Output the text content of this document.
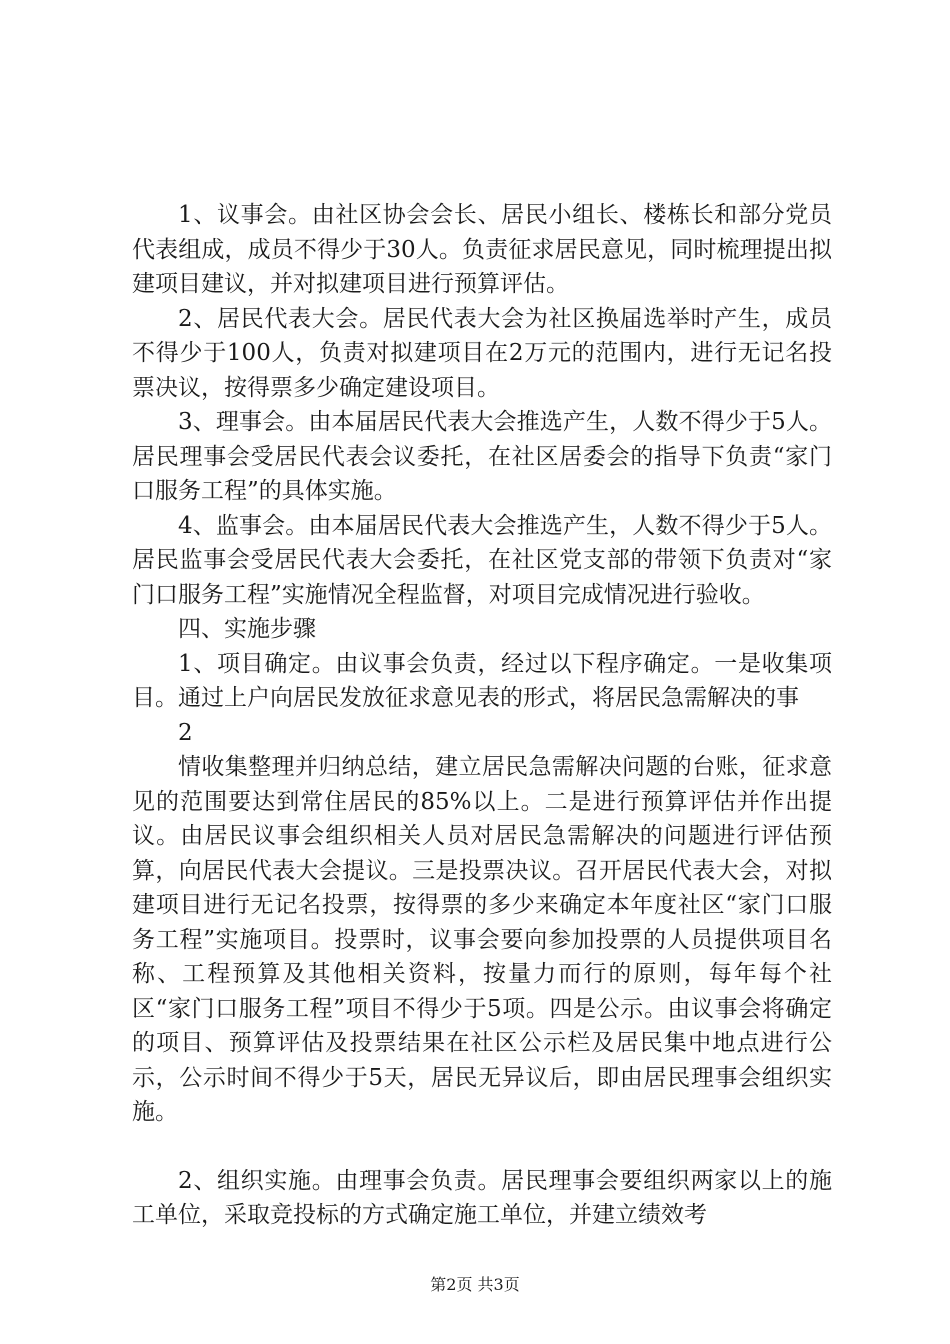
1、议事会。由社区协会会长、居民小组长、楼栋长和部分党员代表组成，成员不得少于30人。负责征求居民意见，同时梳理提出拟建项目建议，并对拟建项目进行预算评估。

2、居民代表大会。居民代表大会为社区换届选举时产生，成员不得少于100人，负责对拟建项目在2万元的范围内，进行无记名投票决议，按得票多少确定建设项目。

3、理事会。由本届居民代表大会推选产生，人数不得少于5人。居民理事会受居民代表会议委托，在社区居委会的指导下负责“家门口服务工程”的具体实施。

4、监事会。由本届居民代表大会推选产生，人数不得少于5人。居民监事会受居民代表大会委托，在社区党支部的带领下负责对“家门口服务工程”实施情况全程监督，对项目完成情况进行验收。

四、实施步骤

1、项目确定。由议事会负责，经过以下程序确定。一是收集项目。通过上户向居民发放征求意见表的形式，将居民急需解决的事

2

情收集整理并归纳总结，建立居民急需解决问题的台账，征求意见的范围要达到常住居民的85%以上。二是进行预算评估并作出提议。由居民议事会组织相关人员对居民急需解决的问题进行评估预算，向居民代表大会提议。三是投票决议。召开居民代表大会，对拟建项目进行无记名投票，按得票的多少来确定本年度社区“家门口服务工程”实施项目。投票时，议事会要向参加投票的人员提供项目名称、工程预算及其他相关资料，按量力而行的原则，每年每个社区“家门口服务工程”项目不得少于5项。四是公示。由议事会将确定的项目、预算评估及投票结果在社区公示栏及居民集中地点进行公示，公示时间不得少于5天，居民无异议后，即由居民理事会组织实施。

2、组织实施。由理事会负责。居民理事会要组织两家以上的施工单位，采取竞投标的方式确定施工单位，并建立绩效考

第2页 共3页
